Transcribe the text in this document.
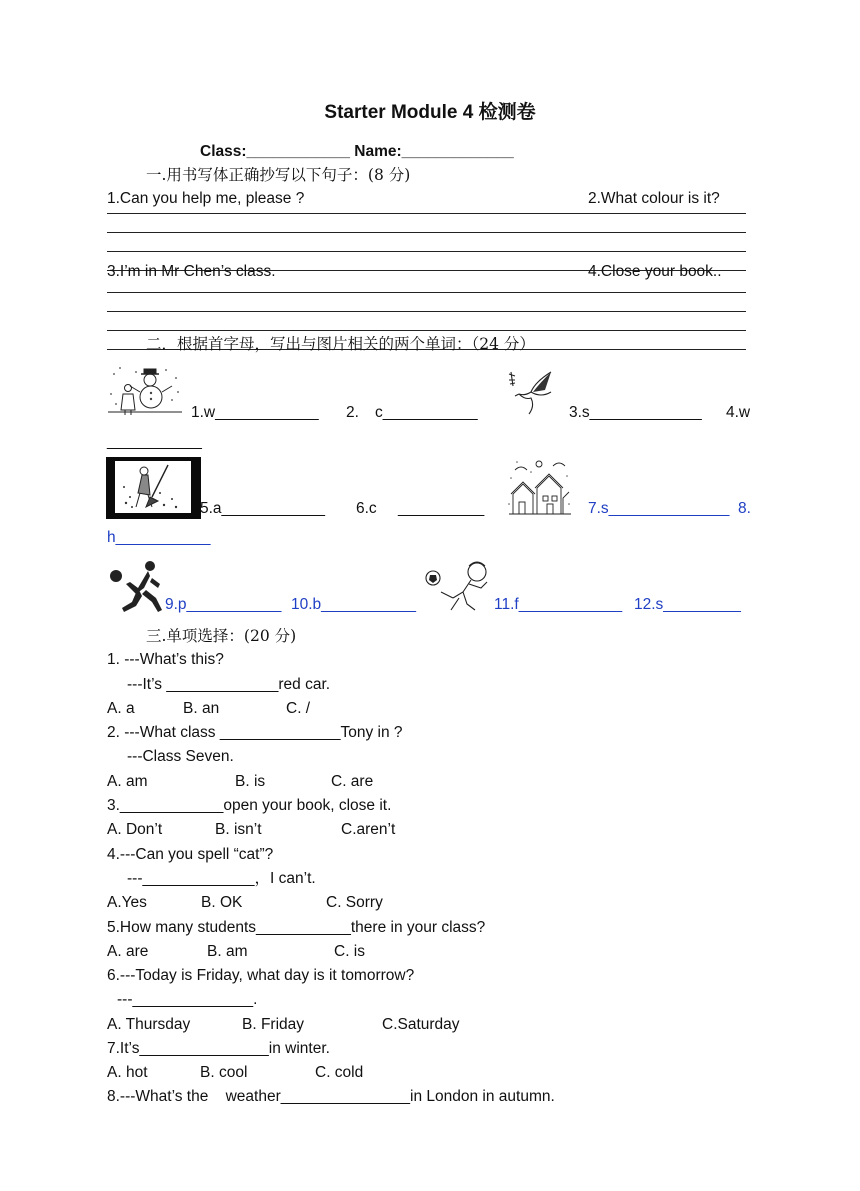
Starter Module 4 检测卷
Class:____________ Name:_____________
一.用书写体正确抄写以下句子：(8 分)
1.Can you help me, please ?	2.What colour is it?
3.I’m in Mr Chen’s class.	4.Close your book..
二．根据首字母，写出与图片相关的两个单词：（24 分）
1.w____________ 2. c___________	3.s_____________ 4.w
___________
5.a____________ 6.c __________	7.s______________ 8.
h___________
9.p___________ 10.b___________	11.f____________ 12.s_________
三.单项选择：(20 分)
1. ---What’s this?
---It’s _____________red car.
A. a	B. an	C. /
2. ---What class ______________Tony in ?
---Class Seven.
A. am	B. is	C. are
3.____________open your book, close it.
A. Don’t	B. isn’t	C.aren’t
4.---Can you spell “cat”?
---_____________，I can’t.
A.Yes	B. OK	C. Sorry
5.How many students___________there in your class?
A. are	B. am	C. is
6.---Today is Friday, what day is it tomorrow?
---______________.
A. Thursday	B. Friday	C.Saturday
7.It’s_______________in winter.
A. hot	B. cool	C. cold
8.---What’s the    weather_______________in London in autumn.
